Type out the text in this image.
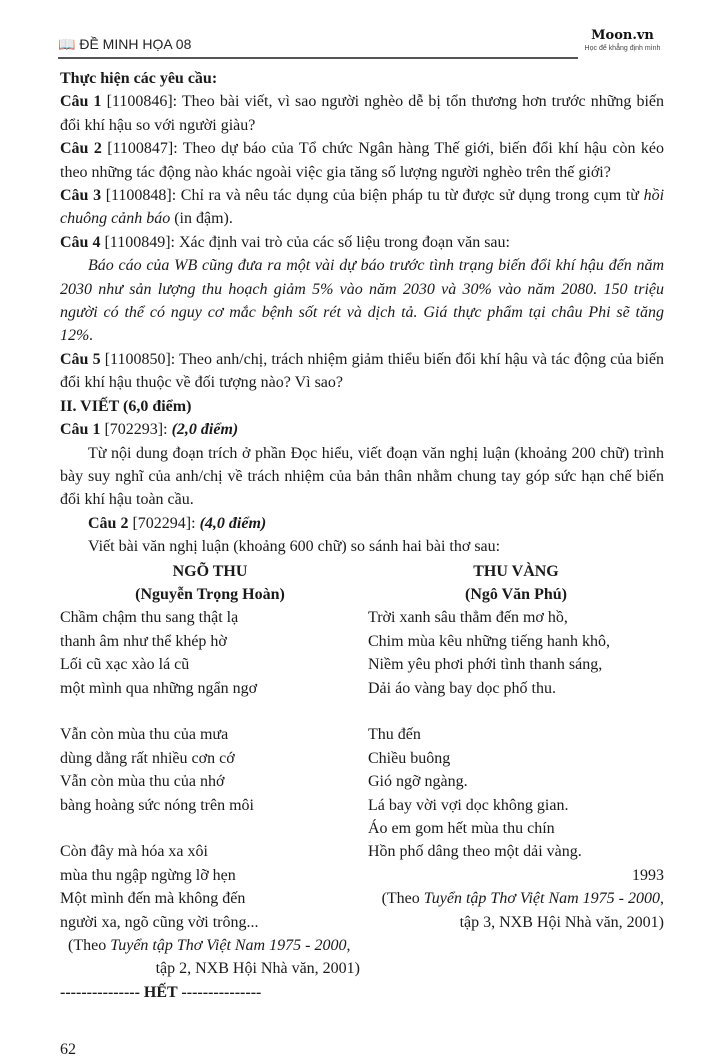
📖 ĐỀ MINH HỌA 08
Moon.vn
Học để khẳng định mình

Thực hiện các yêu cầu:

Câu 1 [1100846]: Theo bài viết, vì sao người nghèo dễ bị tổn thương hơn trước những biến đổi khí hậu so với người giàu?

Câu 2 [1100847]: Theo dự báo của Tổ chức Ngân hàng Thế giới, biến đổi khí hậu còn kéo theo những tác động nào khác ngoài việc gia tăng số lượng người nghèo trên thế giới?

Câu 3 [1100848]: Chỉ ra và nêu tác dụng của biện pháp tu từ được sử dụng trong cụm từ hồi chuông cảnh báo (in đậm).

Câu 4 [1100849]: Xác định vai trò của các số liệu trong đoạn văn sau:

Báo cáo của WB cũng đưa ra một vài dự báo trước tình trạng biến đổi khí hậu đến năm 2030 như sản lượng thu hoạch giảm 5% vào năm 2030 và 30% vào năm 2080. 150 triệu người có thể có nguy cơ mắc bệnh sốt rét và dịch tả. Giá thực phẩm tại châu Phi sẽ tăng 12%.

Câu 5 [1100850]: Theo anh/chị, trách nhiệm giảm thiểu biến đổi khí hậu và tác động của biến đổi khí hậu thuộc về đối tượng nào? Vì sao?

II. VIẾT (6,0 điểm)

Câu 1 [702293]: (2,0 điểm)

Từ nội dung đoạn trích ở phần Đọc hiểu, viết đoạn văn nghị luận (khoảng 200 chữ) trình bày suy nghĩ của anh/chị về trách nhiệm của bản thân nhằm chung tay góp sức hạn chế biến đổi khí hậu toàn cầu.

Câu 2 [702294]: (4,0 điểm)

Viết bài văn nghị luận (khoảng 600 chữ) so sánh hai bài thơ sau:

NGÕ THU
(Nguyễn Trọng Hoàn)
Chầm chậm thu sang thật lạ
thanh âm như thể khép hờ
Lối cũ xạc xào lá cũ
một mình qua những ngẩn ngơ
Vẫn còn mùa thu của mưa
dùng dằng rất nhiều cơn cớ
Vẫn còn mùa thu của nhớ
bàng hoàng sức nóng trên môi
Còn đây mà hóa xa xôi
mùa thu ngập ngừng lỡ hẹn
Một mình đến mà không đến
người xa, ngõ cũng vời trông...
(Theo Tuyển tập Thơ Việt Nam 1975 - 2000,
tập 2, NXB Hội Nhà văn, 2001)
THU VÀNG
(Ngô Văn Phú)
Trời xanh sâu thẳm đến mơ hồ,
Chim mùa kêu những tiếng hanh khô,
Niềm yêu phơi phới tình thanh sáng,
Dải áo vàng bay dọc phố thu.
Thu đến
Chiều buông
Gió ngỡ ngàng.
Lá bay vời vợi dọc không gian.
Áo em gom hết mùa thu chín
Hồn phố dâng theo một dải vàng.
1993
(Theo Tuyển tập Thơ Việt Nam 1975 - 2000,
tập 3, NXB Hội Nhà văn, 2001)

--------------- HẾT ---------------

62
